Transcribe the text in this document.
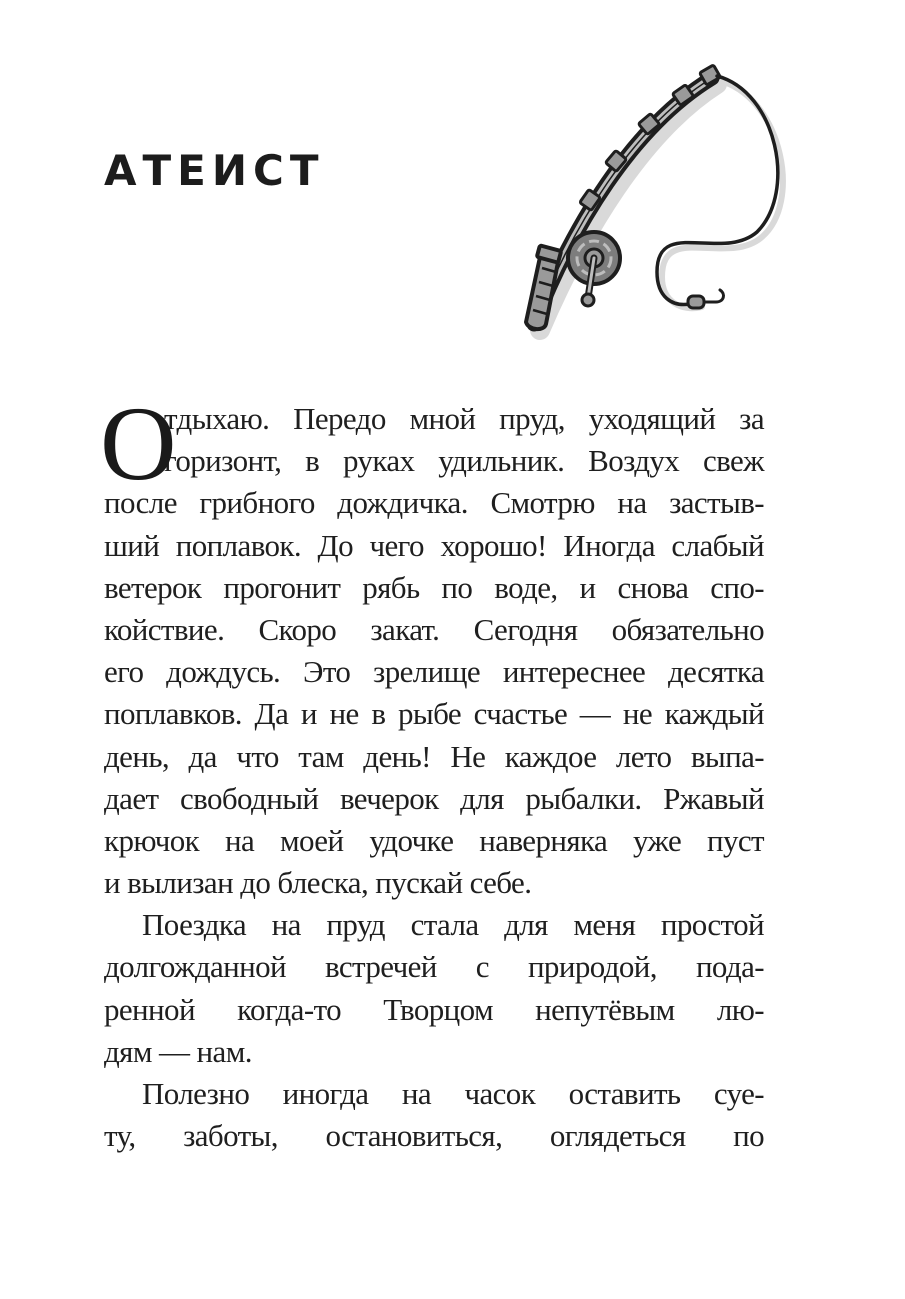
АТЕИСТ
О
тдыхаю. Передо мной пруд, уходящий за
горизонт, в руках удильник. Воздух свеж
после грибного дождичка. Смотрю на застыв-
ший поплавок. До чего хорошо! Иногда слабый
ветерок прогонит рябь по воде, и снова спо-
койствие. Скоро закат. Сегодня обязательно
его дождусь. Это зрелище интереснее десятка
поплавков. Да и не в рыбе счастье — не каждый
день, да что там день! Не каждое лето выпа-
дает свободный вечерок для рыбалки. Ржавый
крючок на моей удочке наверняка уже пуст
и вылизан до блеска, пускай себе.
Поездка на пруд стала для меня простой
долгожданной встречей с природой, пода-
ренной когда-то Творцом непутёвым лю-
дям — нам.
Полезно иногда на часок оставить суе-
ту, заботы, остановиться, оглядеться по
